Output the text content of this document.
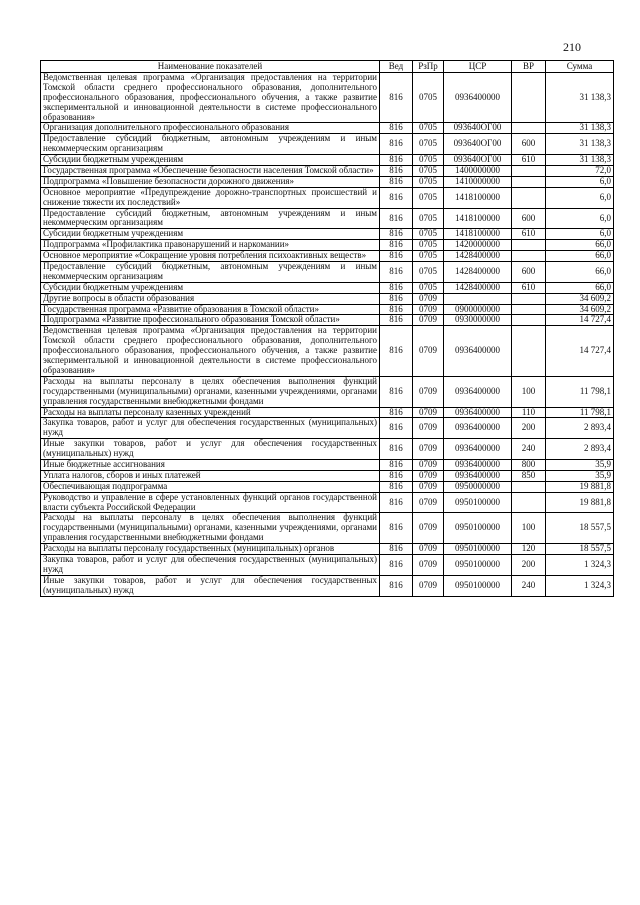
210
Наименование показателей	Вед	РзПр	ЦСР	ВР	Сумма
Ведомственная целевая программа «Организация предоставления на территории Томской области среднего профессионального образования, дополнительного профессионального образования, профессионального обучения, а также развитие экспериментальной и инновационной деятельности в системе профессионального образования»	816	0705	0936400000		31 138,3
Организация дополнительного профессионального образования	816	0705	093640ОГ00		31 138,3
Предоставление субсидий бюджетным, автономным учреждениям и иным некоммерческим организациям	816	0705	093640ОГ00	600	31 138,3
Субсидии бюджетным учреждениям	816	0705	093640ОГ00	610	31 138,3
Государственная программа «Обеспечение безопасности населения Томской области»	816	0705	1400000000		72,0
Подпрограмма «Повышение безопасности дорожного движения»	816	0705	1410000000		6,0
Основное мероприятие «Предупреждение дорожно-транспортных происшествий и снижение тяжести их последствий»	816	0705	1418100000		6,0
Предоставление субсидий бюджетным, автономным учреждениям и иным некоммерческим организациям	816	0705	1418100000	600	6,0
Субсидии бюджетным учреждениям	816	0705	1418100000	610	6,0
Подпрограмма «Профилактика правонарушений и наркомании»	816	0705	1420000000		66,0
Основное мероприятие «Сокращение уровня потребления психоактивных веществ»	816	0705	1428400000		66,0
Предоставление субсидий бюджетным, автономным учреждениям и иным некоммерческим организациям	816	0705	1428400000	600	66,0
Субсидии бюджетным учреждениям	816	0705	1428400000	610	66,0
Другие вопросы в области образования	816	0709			34 609,2
Государственная программа «Развитие образования в Томской области»	816	0709	0900000000		34 609,2
Подпрограмма «Развитие профессионального образования Томской области»	816	0709	0930000000		14 727,4
Ведомственная целевая программа «Организация предоставления на территории Томской области среднего профессионального образования, дополнительного профессионального образования, профессионального обучения, а также развитие экспериментальной и инновационной деятельности в системе профессионального образования»	816	0709	0936400000		14 727,4
Расходы на выплаты персоналу в целях обеспечения выполнения функций государственными (муниципальными) органами, казенными учреждениями, органами управления государственными внебюджетными фондами	816	0709	0936400000	100	11 798,1
Расходы на выплаты персоналу казенных учреждений	816	0709	0936400000	110	11 798,1
Закупка товаров, работ и услуг для обеспечения государственных (муниципальных) нужд	816	0709	0936400000	200	2 893,4
Иные закупки товаров, работ и услуг для обеспечения государственных (муниципальных) нужд	816	0709	0936400000	240	2 893,4
Иные бюджетные ассигнования	816	0709	0936400000	800	35,9
Уплата налогов, сборов и иных платежей	816	0709	0936400000	850	35,9
Обеспечивающая подпрограмма	816	0709	0950000000		19 881,8
Руководство и управление в сфере установленных функций органов государственной власти субъекта Российской Федерации	816	0709	0950100000		19 881,8
Расходы на выплаты персоналу в целях обеспечения выполнения функций государственными (муниципальными) органами, казенными учреждениями, органами управления государственными внебюджетными фондами	816	0709	0950100000	100	18 557,5
Расходы на выплаты персоналу государственных (муниципальных) органов	816	0709	0950100000	120	18 557,5
Закупка товаров, работ и услуг для обеспечения государственных (муниципальных) нужд	816	0709	0950100000	200	1 324,3
Иные закупки товаров, работ и услуг для обеспечения государственных (муниципальных) нужд	816	0709	0950100000	240	1 324,3
